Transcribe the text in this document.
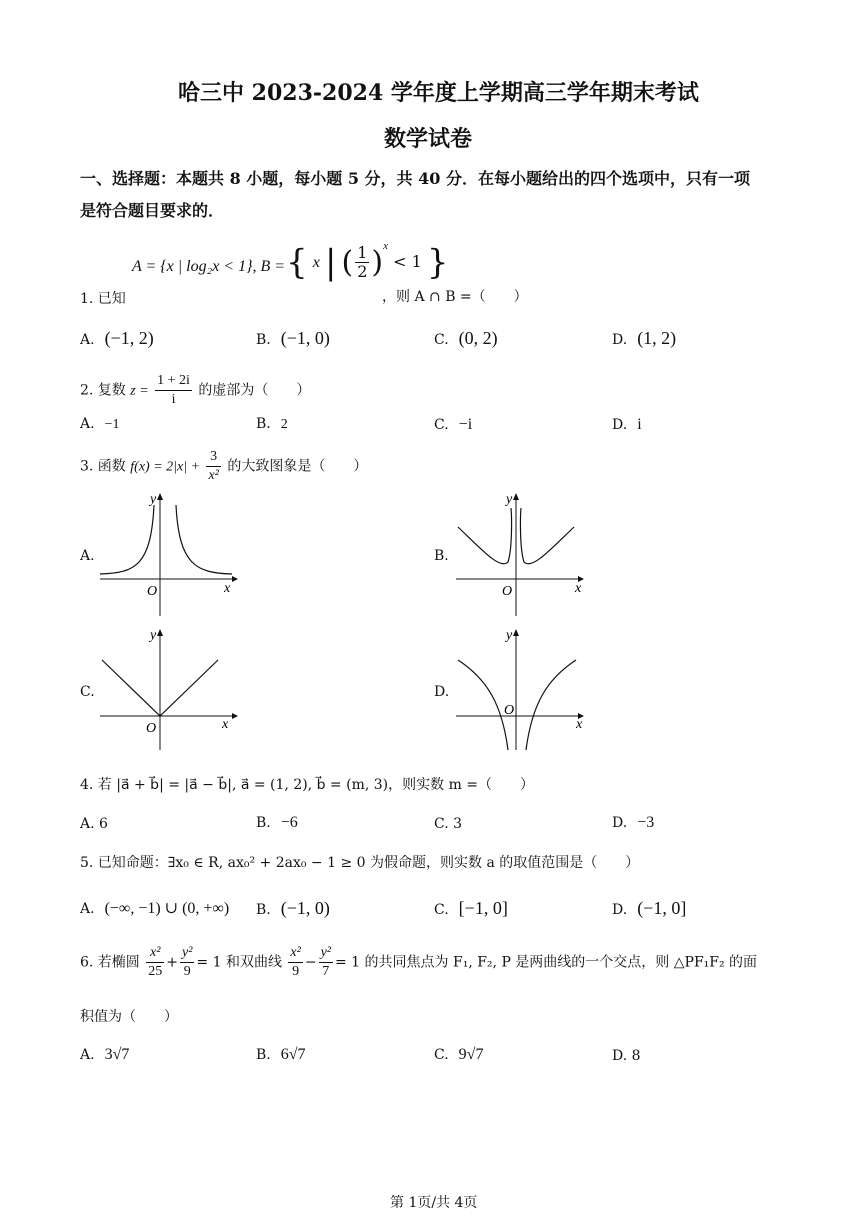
哈三中 2023-2024 学年度上学期高三学年期末考试
数学试卷
一、选择题：本题共 8 小题，每小题 5 分，共 40 分．在每小题给出的四个选项中，只有一项
是符合题目要求的．
1. 已知
A = {x | log₂x < 1}, B = { x | ( $\frac{1}{2} )^x < 1$ }
，则 A ∩ B =（　　）
A. (−1, 2)	B. (−1, 0)	C. (0, 2)	D. (1, 2)
2. 复数 $z = \frac{1 + 2i}{i}$ 的虚部为（　　）
A. −1	B. 2	C. −i	D. i
3. 函数 $f(x) = 2|x| + \frac{3}{\text{x²}}$ 的大致图象是（　　）
A.
O	x
y
B.
O	x
y
C.
O	x
y
D.
O
x
y
4. 若 |a⃗ + b⃗| = |a⃗ − b⃗|, a⃗ = (1, 2), b⃗ = (m, 3)，则实数 m =（　　）
A. 6	B. −6	C. 3	D. −3
5. 已知命题：∃x₀ ∈ R, ax₀² + 2ax₀ − 1 ≥ 0 为假命题，则实数 a 的取值范围是（　　）
A. (−∞, −1) ∪ (0, +∞) B. (−1, 0)	C. [−1, 0]	D. (−1, 0]
6. 若椭圆 $\frac{\text{x²}}{25} + \frac{\text{y²}}{9} = 1$ 和双曲线 $\frac{\text{x²}}{9} - \frac{\text{y²}}{7} = 1$ 的共同焦点为 F₁, F₂, P 是两曲线的一个交点，则 △PF₁F₂ 的面
积值为（　　）
A. 3√7	B. 6√7	C. 9√7	D. 8
第 1页/共 4页
